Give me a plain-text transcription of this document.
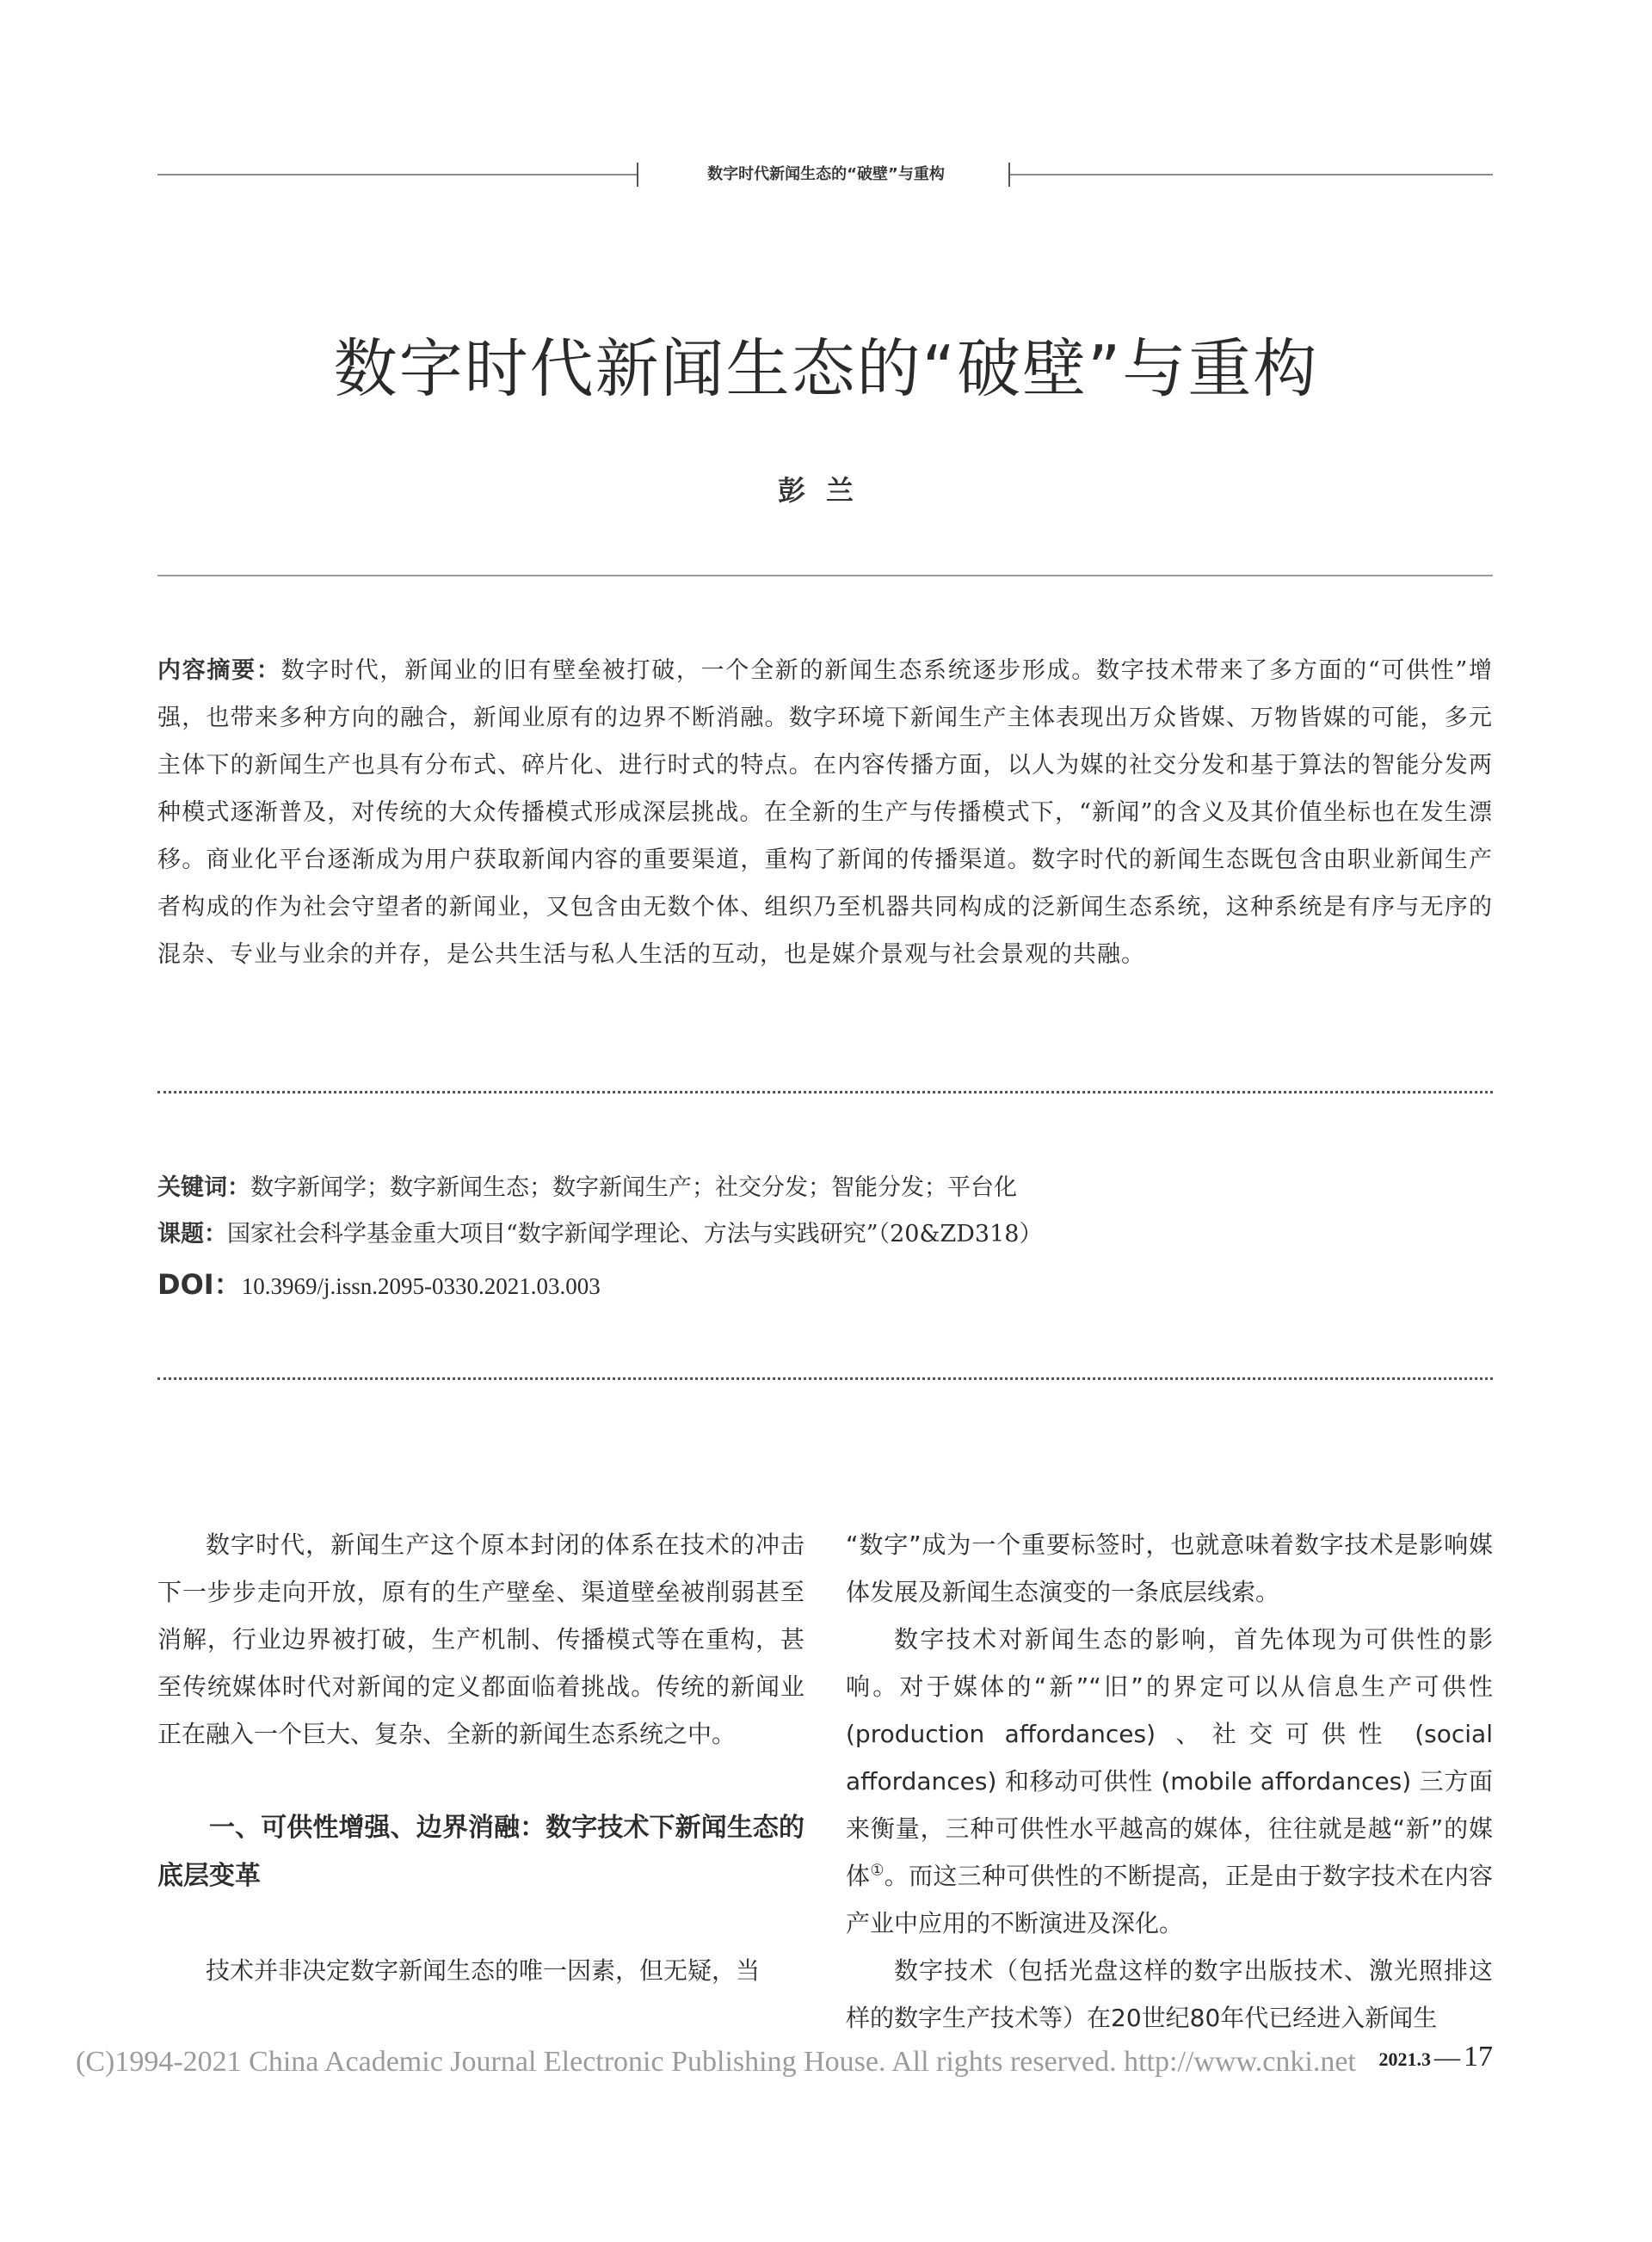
数字时代新闻生态的“破壁”与重构
数字时代新闻生态的“破壁”与重构
彭兰
内容摘要：数字时代，新闻业的旧有壁垒被打破，一个全新的新闻生态系统逐步形成。数字技术带来了多方面的“可供性”增强，也带来多种方向的融合，新闻业原有的边界不断消融。数字环境下新闻生产主体表现出万众皆媒、万物皆媒的可能，多元主体下的新闻生产也具有分布式、碎片化、进行时式的特点。在内容传播方面，以人为媒的社交分发和基于算法的智能分发两种模式逐渐普及，对传统的大众传播模式形成深层挑战。在全新的生产与传播模式下，“新闻”的含义及其价值坐标也在发生漂移。商业化平台逐渐成为用户获取新闻内容的重要渠道，重构了新闻的传播渠道。数字时代的新闻生态既包含由职业新闻生产者构成的作为社会守望者的新闻业，又包含由无数个体、组织乃至机器共同构成的泛新闻生态系统，这种系统是有序与无序的混杂、专业与业余的并存，是公共生活与私人生活的互动，也是媒介景观与社会景观的共融。
关键词：数字新闻学；数字新闻生态；数字新闻生产；社交分发；智能分发；平台化
课题：国家社会科学基金重大项目“数字新闻学理论、方法与实践研究”（20&ZD318）
DOI：10.3969/j.issn.2095-0330.2021.03.003

数字时代，新闻生产这个原本封闭的体系在技术的冲击下一步步走向开放，原有的生产壁垒、渠道壁垒被削弱甚至消解，行业边界被打破，生产机制、传播模式等在重构，甚至传统媒体时代对新闻的定义都面临着挑战。传统的新闻业正在融入一个巨大、复杂、全新的新闻生态系统之中。

一、可供性增强、边界消融：数字技术下新闻生态的底层变革

技术并非决定数字新闻生态的唯一因素，但无疑，当

“数字”成为一个重要标签时，也就意味着数字技术是影响媒体发展及新闻生态演变的一条底层线索。

数字技术对新闻生态的影响，首先体现为可供性的影响。对于媒体的“新”“旧”的界定可以从信息生产可供性 (production affordances) 、社交可供性 (social affordances) 和移动可供性 (mobile affordances) 三方面来衡量，三种可供性水平越高的媒体，往往就是越“新”的媒体①。而这三种可供性的不断提高，正是由于数字技术在内容产业中应用的不断演进及深化。

数字技术（包括光盘这样的数字出版技术、激光照排这样的数字生产技术等）在20世纪80年代已经进入新闻生

(C)1994-2021 China Academic Journal Electronic Publishing House. All rights reserved. http://www.cnki.net	2021.3 — 17
